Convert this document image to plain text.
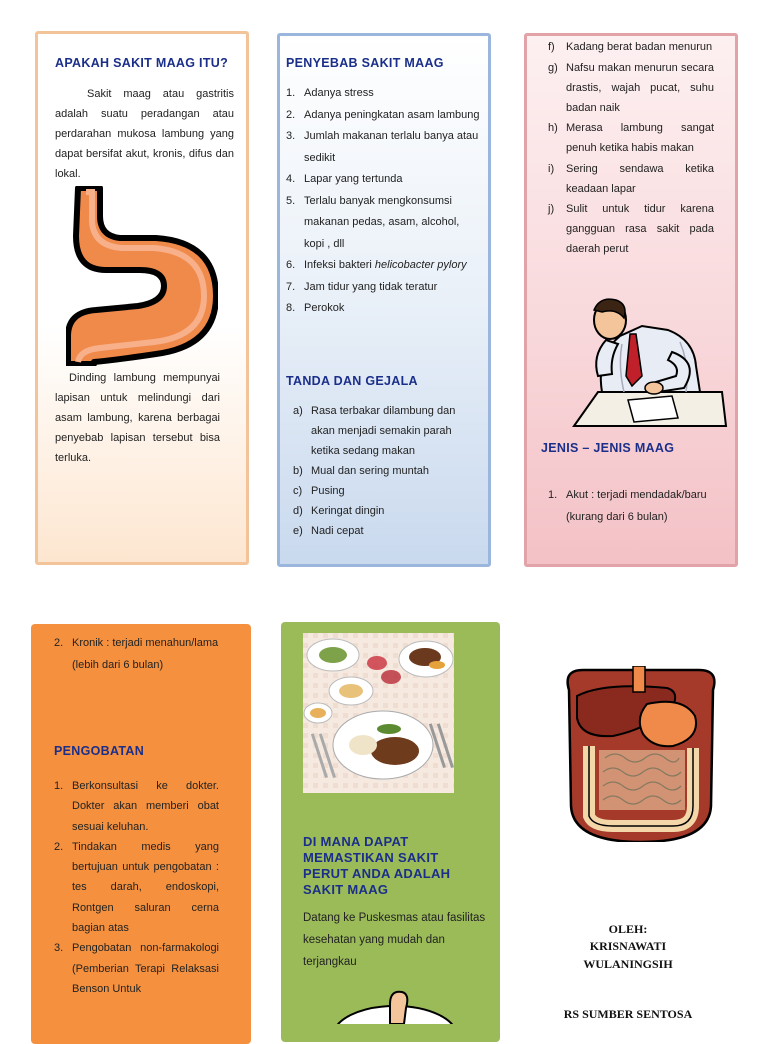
APAKAH SAKIT MAAG ITU?

Sakit maag atau gastritis adalah suatu peradangan atau perdarahan mukosa lambung yang dapat bersifat akut, kronis, difus dan lokal.

Dinding lambung mempunyai lapisan untuk melindungi dari asam lambung, karena berbagai penyebab lapisan tersebut bisa terluka.

PENYEBAB SAKIT MAAG
1. Adanya stress
2. Adanya peningkatan asam lambung
3. Jumlah makanan terlalu banya atau sedikit
4. Lapar yang tertunda
5. Terlalu banyak mengkonsumsi makanan pedas, asam, alcohol, kopi , dll
6. Infeksi bakteri helicobacter pylory
7. Jam tidur yang tidak teratur
8. Perokok
TANDA DAN GEJALA
a) Rasa terbakar dilambung dan akan menjadi semakin parah ketika sedang makan
b) Mual dan sering muntah
c) Pusing
d) Keringat dingin
e) Nadi cepat
f) Kadang berat badan menurun
g) Nafsu makan menurun secara drastis, wajah pucat, suhu badan naik
h) Merasa lambung sangat penuh ketika habis makan
i) Sering sendawa ketika keadaan lapar
j) Sulit untuk tidur karena gangguan rasa sakit pada daerah perut
JENIS – JENIS MAAG
1. Akut : terjadi mendadak/baru (kurang dari 6 bulan)
2. Kronik : terjadi menahun/lama (lebih dari 6 bulan)
PENGOBATAN
1. Berkonsultasi ke dokter. Dokter akan memberi obat sesuai keluhan.
2. Tindakan medis yang bertujuan untuk pengobatan : tes darah, endoskopi, Rontgen saluran cerna bagian atas
3. Pengobatan non-farmakologi (Pemberian Terapi Relaksasi Benson Untuk
DI MANA DAPAT MEMASTIKAN SAKIT PERUT ANDA ADALAH SAKIT MAAG

Datang ke Puskesmas atau fasilitas kesehatan yang mudah dan terjangkau

OLEH:
KRISNAWATI
WULANINGSIH
RS SUMBER SENTOSA
